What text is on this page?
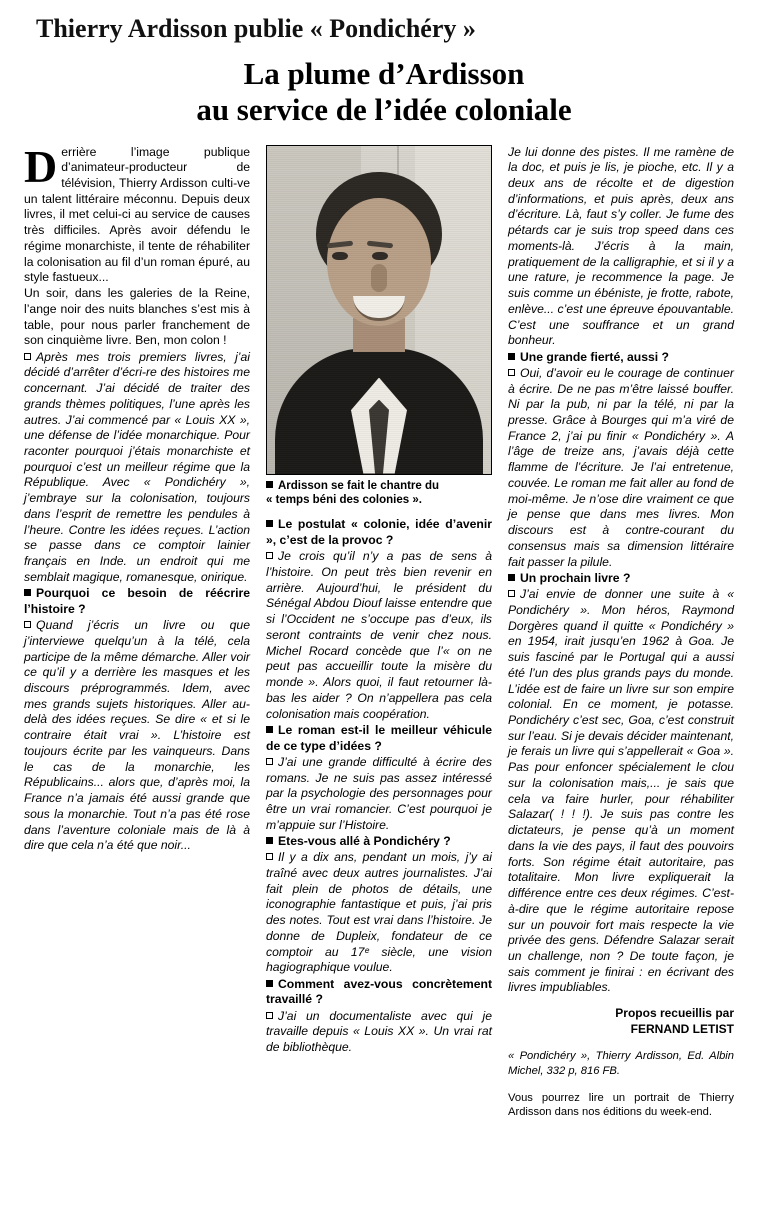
Thierry Ardisson publie « Pondichéry »
La plume d’Ardisson
au service de l’idée coloniale
D errière l’image publique d’animateur-producteur de télévision, Thierry Ardisson culti-ve un talent littéraire méconnu. Depuis deux livres, il met celui-ci au service de causes très difficiles. Après avoir défendu le régime monarchiste, il tente de réhabiliter la colonisation au fil d’un roman épuré, au style fastueux...

Un soir, dans les galeries de la Reine, l’ange noir des nuits blanches s’est mis à table, pour nous parler franchement de son cinquième livre. Ben, mon colon !

Après mes trois premiers livres, j’ai décidé d’arrêter d’écri-re des histoires me concernant. J’ai décidé de traiter des grands thèmes politiques, l’une après les autres. J’ai commencé par « Louis XX », une défense de l’idée monarchique. Pour raconter pourquoi j’étais monarchiste et pourquoi c’est un meilleur régime que la République. Avec « Pondichéry », j’embraye sur la colonisation, toujours dans l’esprit de remettre les pendules à l’heure. Contre les idées reçues. L’action se passe dans ce comptoir lainier français en Inde. un endroit qui me semblait magique, romanesque, onirique.

Pourquoi ce besoin de réécrire l’histoire ?

Quand j’écris un livre ou que j’interviewe quelqu’un à la télé, cela participe de la même démarche. Aller voir ce qu’il y a derrière les masques et les discours préprogrammés. Idem, avec mes grands sujets historiques. Aller au-delà des idées reçues. Se dire « et si le contraire était vrai ». L’histoire est toujours écrite par les vainqueurs. Dans le cas de la monarchie, les Républicains... alors que, d’après moi, la France n’a jamais été aussi grande que sous la monarchie. Tout n’a pas été rose dans l’aventure coloniale mais de là à dire que cela n’a été que noir...

Ardisson se fait le chantre du
« temps béni des colonies ».

Le postulat « colonie, idée d’avenir », c’est de la provoc ?

Je crois qu’il n’y a pas de sens à l’histoire. On peut très bien revenir en arrière. Aujourd’hui, le président du Sénégal Abdou Diouf laisse entendre que si l’Occident ne s’occupe pas d’eux, ils seront contraints de venir chez nous. Michel Rocard concède que l’« on ne peut pas accueillir toute la misère du monde ». Alors quoi, il faut retourner là-bas les aider ? On n’appellera pas cela colonisation mais coopération.

Le roman est-il le meilleur véhicule de ce type d’idées ?

J’ai une grande difficulté à écrire des romans. Je ne suis pas assez intéressé par la psychologie des personnages pour être un vrai romancier. C’est pourquoi je m’appuie sur l’Histoire.

Etes-vous allé à Pondichéry ?

Il y a dix ans, pendant un mois, j’y ai traîné avec deux autres journalistes. J’ai fait plein de photos de détails, une iconographie fantastique et puis, j’ai pris des notes. Tout est vrai dans l’histoire. Je donne de Dupleix, fondateur de ce comptoir au 17ᵉ siècle, une vision hagiographique voulue.

Comment avez-vous concrètement travaillé ?

J’ai un documentaliste avec qui je travaille depuis « Louis XX ». Un vrai rat de bibliothèque.

Je lui donne des pistes. Il me ramène de la doc, et puis je lis, je pioche, etc. Il y a deux ans de récolte et de digestion d’informations, et puis après, deux ans d’écriture. Là, faut s’y coller. Je fume des pétards car je suis trop speed dans ces moments-là. J’écris à la main, pratiquement de la calligraphie, et si il y a une rature, je recommence la page. Je suis comme un ébéniste, je frotte, rabote, enlève... c’est une épreuve épouvantable. C’est une souffrance et un grand bonheur.

Une grande fierté, aussi ?

Oui, d’avoir eu le courage de continuer à écrire. De ne pas m’être laissé bouffer. Ni par la pub, ni par la télé, ni par la presse. Grâce à Bourges qui m’a viré de France 2, j’ai pu finir « Pondichéry ». A l’âge de treize ans, j’avais déjà cette flamme de l’écriture. Je l’ai entretenue, couvée. Le roman me fait aller au fond de moi-même. Je n’ose dire vraiment ce que je pense que dans mes livres. Mon discours est à contre-courant du consensus mais sa dimension littéraire fait passer la pilule.

Un prochain livre ?

J’ai envie de donner une suite à « Pondichéry ». Mon héros, Raymond Dorgères quand il quitte « Pondichéry » en 1954, irait jusqu’en 1962 à Goa. Je suis fasciné par le Portugal qui a aussi été l’un des plus grands pays du monde. L’idée est de faire un livre sur son empire colonial. En ce moment, je potasse. Pondichéry c’est sec, Goa, c’est construit sur l’eau. Si je devais décider maintenant, je ferais un livre qui s’appellerait « Goa ». Pas pour enfoncer spécialement le clou sur la colonisation mais,... je sais que cela va faire hurler, pour réhabiliter Salazar( ! ! !). Je suis pas contre les dictateurs, je pense qu’à un moment dans la vie des pays, il faut des pouvoirs forts. Son régime était autoritaire, pas totalitaire. Mon livre expliquerait la différence entre ces deux régimes. C’est-à-dire que le régime autoritaire repose sur un pouvoir fort mais respecte la vie privée des gens. Défendre Salazar serait un challenge, non ? De toute façon, je sais comment je finirai : en écrivant des livres impubliables.

Propos recueillis par
FERNAND LETIST
« Pondichéry », Thierry Ardisson, Ed. Albin Michel, 332 p, 816 FB.
Vous pourrez lire un portrait de Thierry Ardisson dans nos éditions du week-end.
